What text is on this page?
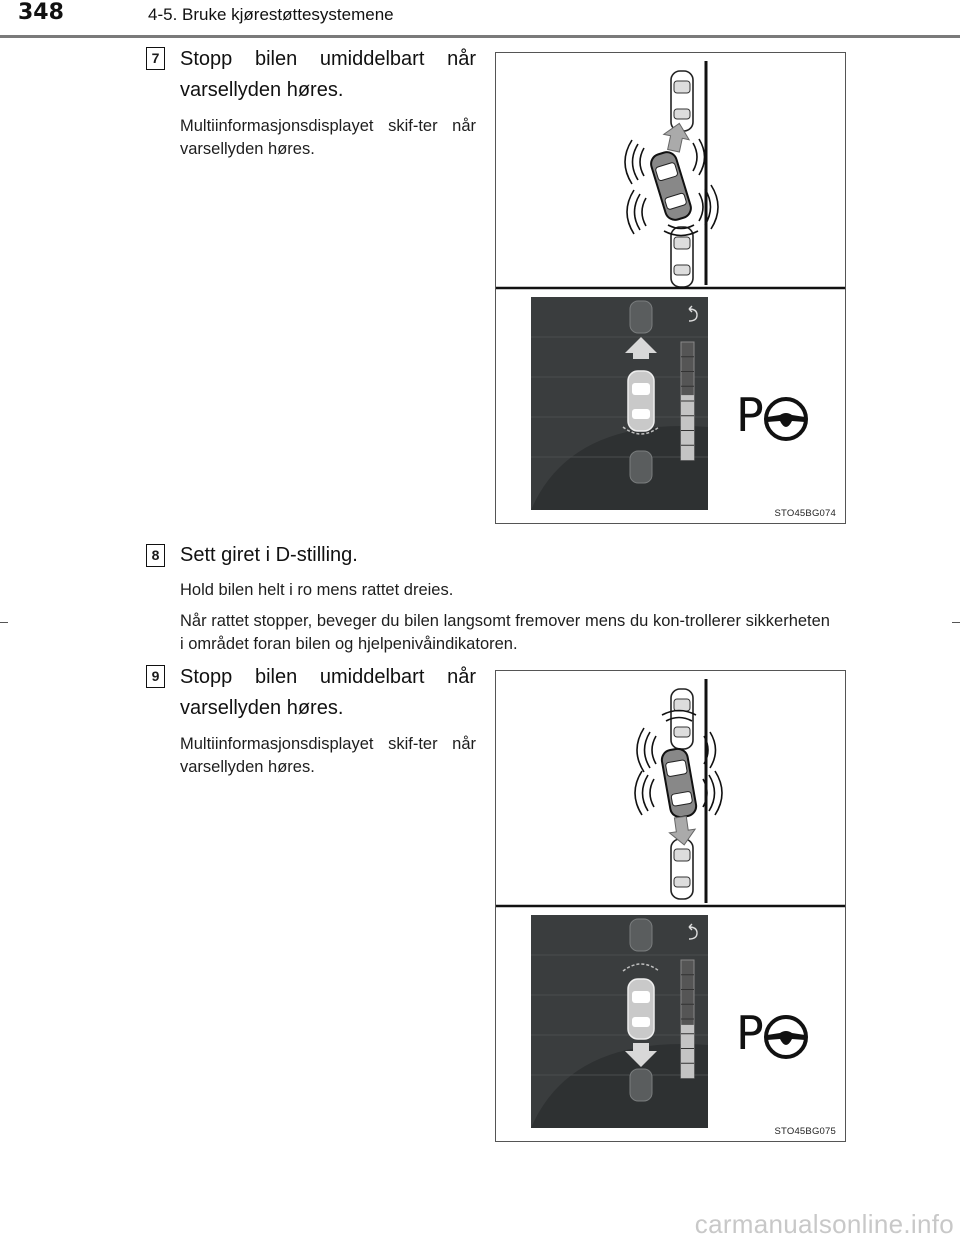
348	4-5. Bruke kjørestøttesystemene
7 Stopp bilen umiddelbart når varsellyden høres.
Multiinformasjonsdisplayet skif-ter når varsellyden høres.
P
STO45BG074
8 Sett giret i D-stilling.
Hold bilen helt i ro mens rattet dreies.
Når rattet stopper, beveger du bilen langsomt fremover mens du kon-trollerer sikkerheten i området foran bilen og hjelpenivåindikatoren.
9 Stopp bilen umiddelbart når varsellyden høres.
Multiinformasjonsdisplayet skif-ter når varsellyden høres.
P
STO45BG075
carmanualsonline.info
